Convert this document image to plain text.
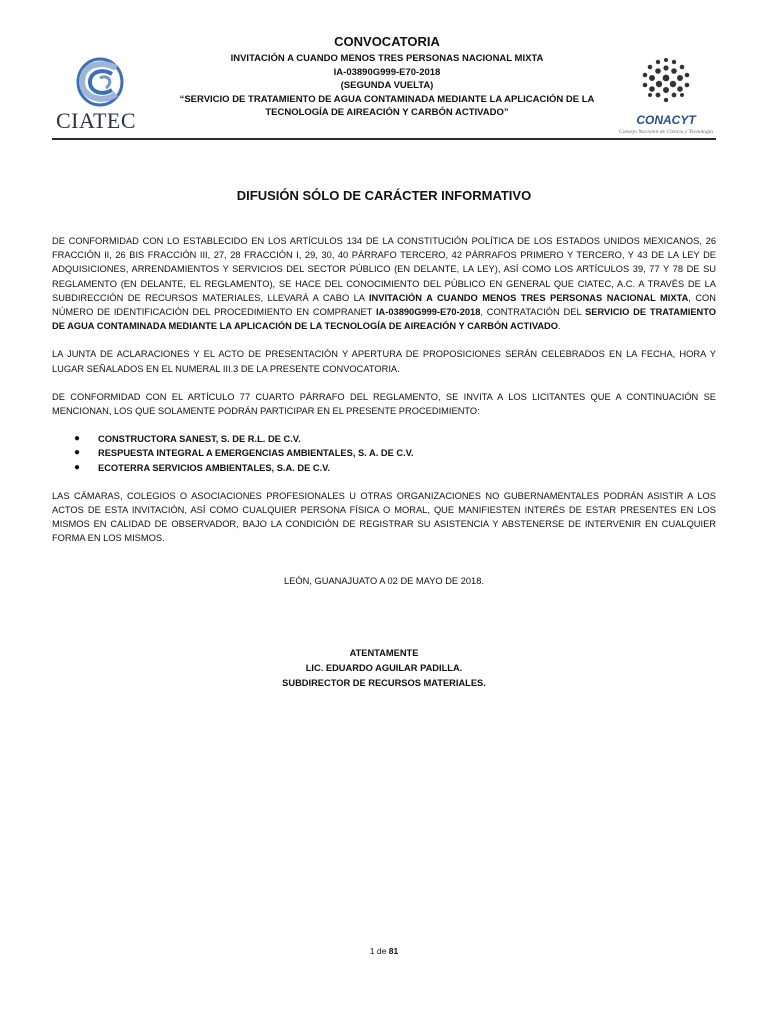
CIATEC
CONVOCATORIA
INVITACIÓN A CUANDO MENOS TRES PERSONAS NACIONAL MIXTA
IA-03890G999-E70-2018
(SEGUNDA VUELTA)
“SERVICIO DE TRATAMIENTO DE AGUA CONTAMINADA MEDIANTE LA APLICACIÓN DE LA
TECNOLOGÍA DE AIREACIÓN Y CARBÓN ACTIVADO”
CONACYT
Consejo Nacional de Ciencia y Tecnología
DIFUSIÓN SÓLO DE CARÁCTER INFORMATIVO

DE CONFORMIDAD CON LO ESTABLECIDO EN LOS ARTÍCULOS 134 DE LA CONSTITUCIÓN POLÍTICA DE LOS ESTADOS UNIDOS MEXICANOS, 26 FRACCIÓN II, 26 BIS FRACCIÓN III, 27, 28 FRACCIÓN I, 29, 30, 40 PÁRRAFO TERCERO, 42 PÁRRAFOS PRIMERO Y TERCERO, Y 43 DE LA LEY DE ADQUISICIONES, ARRENDAMIENTOS Y SERVICIOS DEL SECTOR PÚBLICO (EN DELANTE, LA LEY), ASÍ COMO LOS ARTÍCULOS 39, 77 Y 78 DE SU REGLAMENTO (EN DELANTE, EL REGLAMENTO), SE HACE DEL CONOCIMIENTO DEL PÚBLICO EN GENERAL QUE CIATEC, A.C. A TRAVÉS DE LA SUBDIRECCIÓN DE RECURSOS MATERIALES, LLEVARÁ A CABO LA INVITACIÓN A CUANDO MENOS TRES PERSONAS NACIONAL MIXTA, CON NÚMERO DE IDENTIFICACIÓN DEL PROCEDIMIENTO EN COMPRANET IA-03890G999-E70-2018, CONTRATACIÓN DEL SERVICIO DE TRATAMIENTO DE AGUA CONTAMINADA MEDIANTE LA APLICACIÓN DE LA TECNOLOGÍA DE AIREACIÓN Y CARBÓN ACTIVADO.

LA JUNTA DE ACLARACIONES Y EL ACTO DE PRESENTACIÓN Y APERTURA DE PROPOSICIONES SERÁN CELEBRADOS EN LA FECHA, HORA Y LUGAR SEÑALADOS EN EL NUMERAL III.3 DE LA PRESENTE CONVOCATORIA.

DE CONFORMIDAD CON EL ARTÍCULO 77 CUARTO PÁRRAFO DEL REGLAMENTO, SE INVITA A LOS LICITANTES QUE A CONTINUACIÓN SE MENCIONAN, LOS QUE SOLAMENTE PODRÁN PARTICIPAR EN EL PRESENTE PROCEDIMIENTO:

● CONSTRUCTORA SANEST, S. DE R.L. DE C.V.
● RESPUESTA INTEGRAL A EMERGENCIAS AMBIENTALES, S. A. DE C.V.
● ECOTERRA SERVICIOS AMBIENTALES, S.A. DE C.V.

LAS CÁMARAS, COLEGIOS O ASOCIACIONES PROFESIONALES U OTRAS ORGANIZACIONES NO GUBERNAMENTALES PODRÁN ASISTIR A LOS ACTOS DE ESTA INVITACIÓN, ASÍ COMO CUALQUIER PERSONA FÍSICA O MORAL, QUE MANIFIESTEN INTERÉS DE ESTAR PRESENTES EN LOS MISMOS EN CALIDAD DE OBSERVADOR, BAJO LA CONDICIÓN DE REGISTRAR SU ASISTENCIA Y ABSTENERSE DE INTERVENIR EN CUALQUIER FORMA EN LOS MISMOS.

LEÓN, GUANAJUATO A 02 DE MAYO DE 2018.
ATENTAMENTE
LIC. EDUARDO AGUILAR PADILLA.
SUBDIRECTOR DE RECURSOS MATERIALES.
1 de 81
